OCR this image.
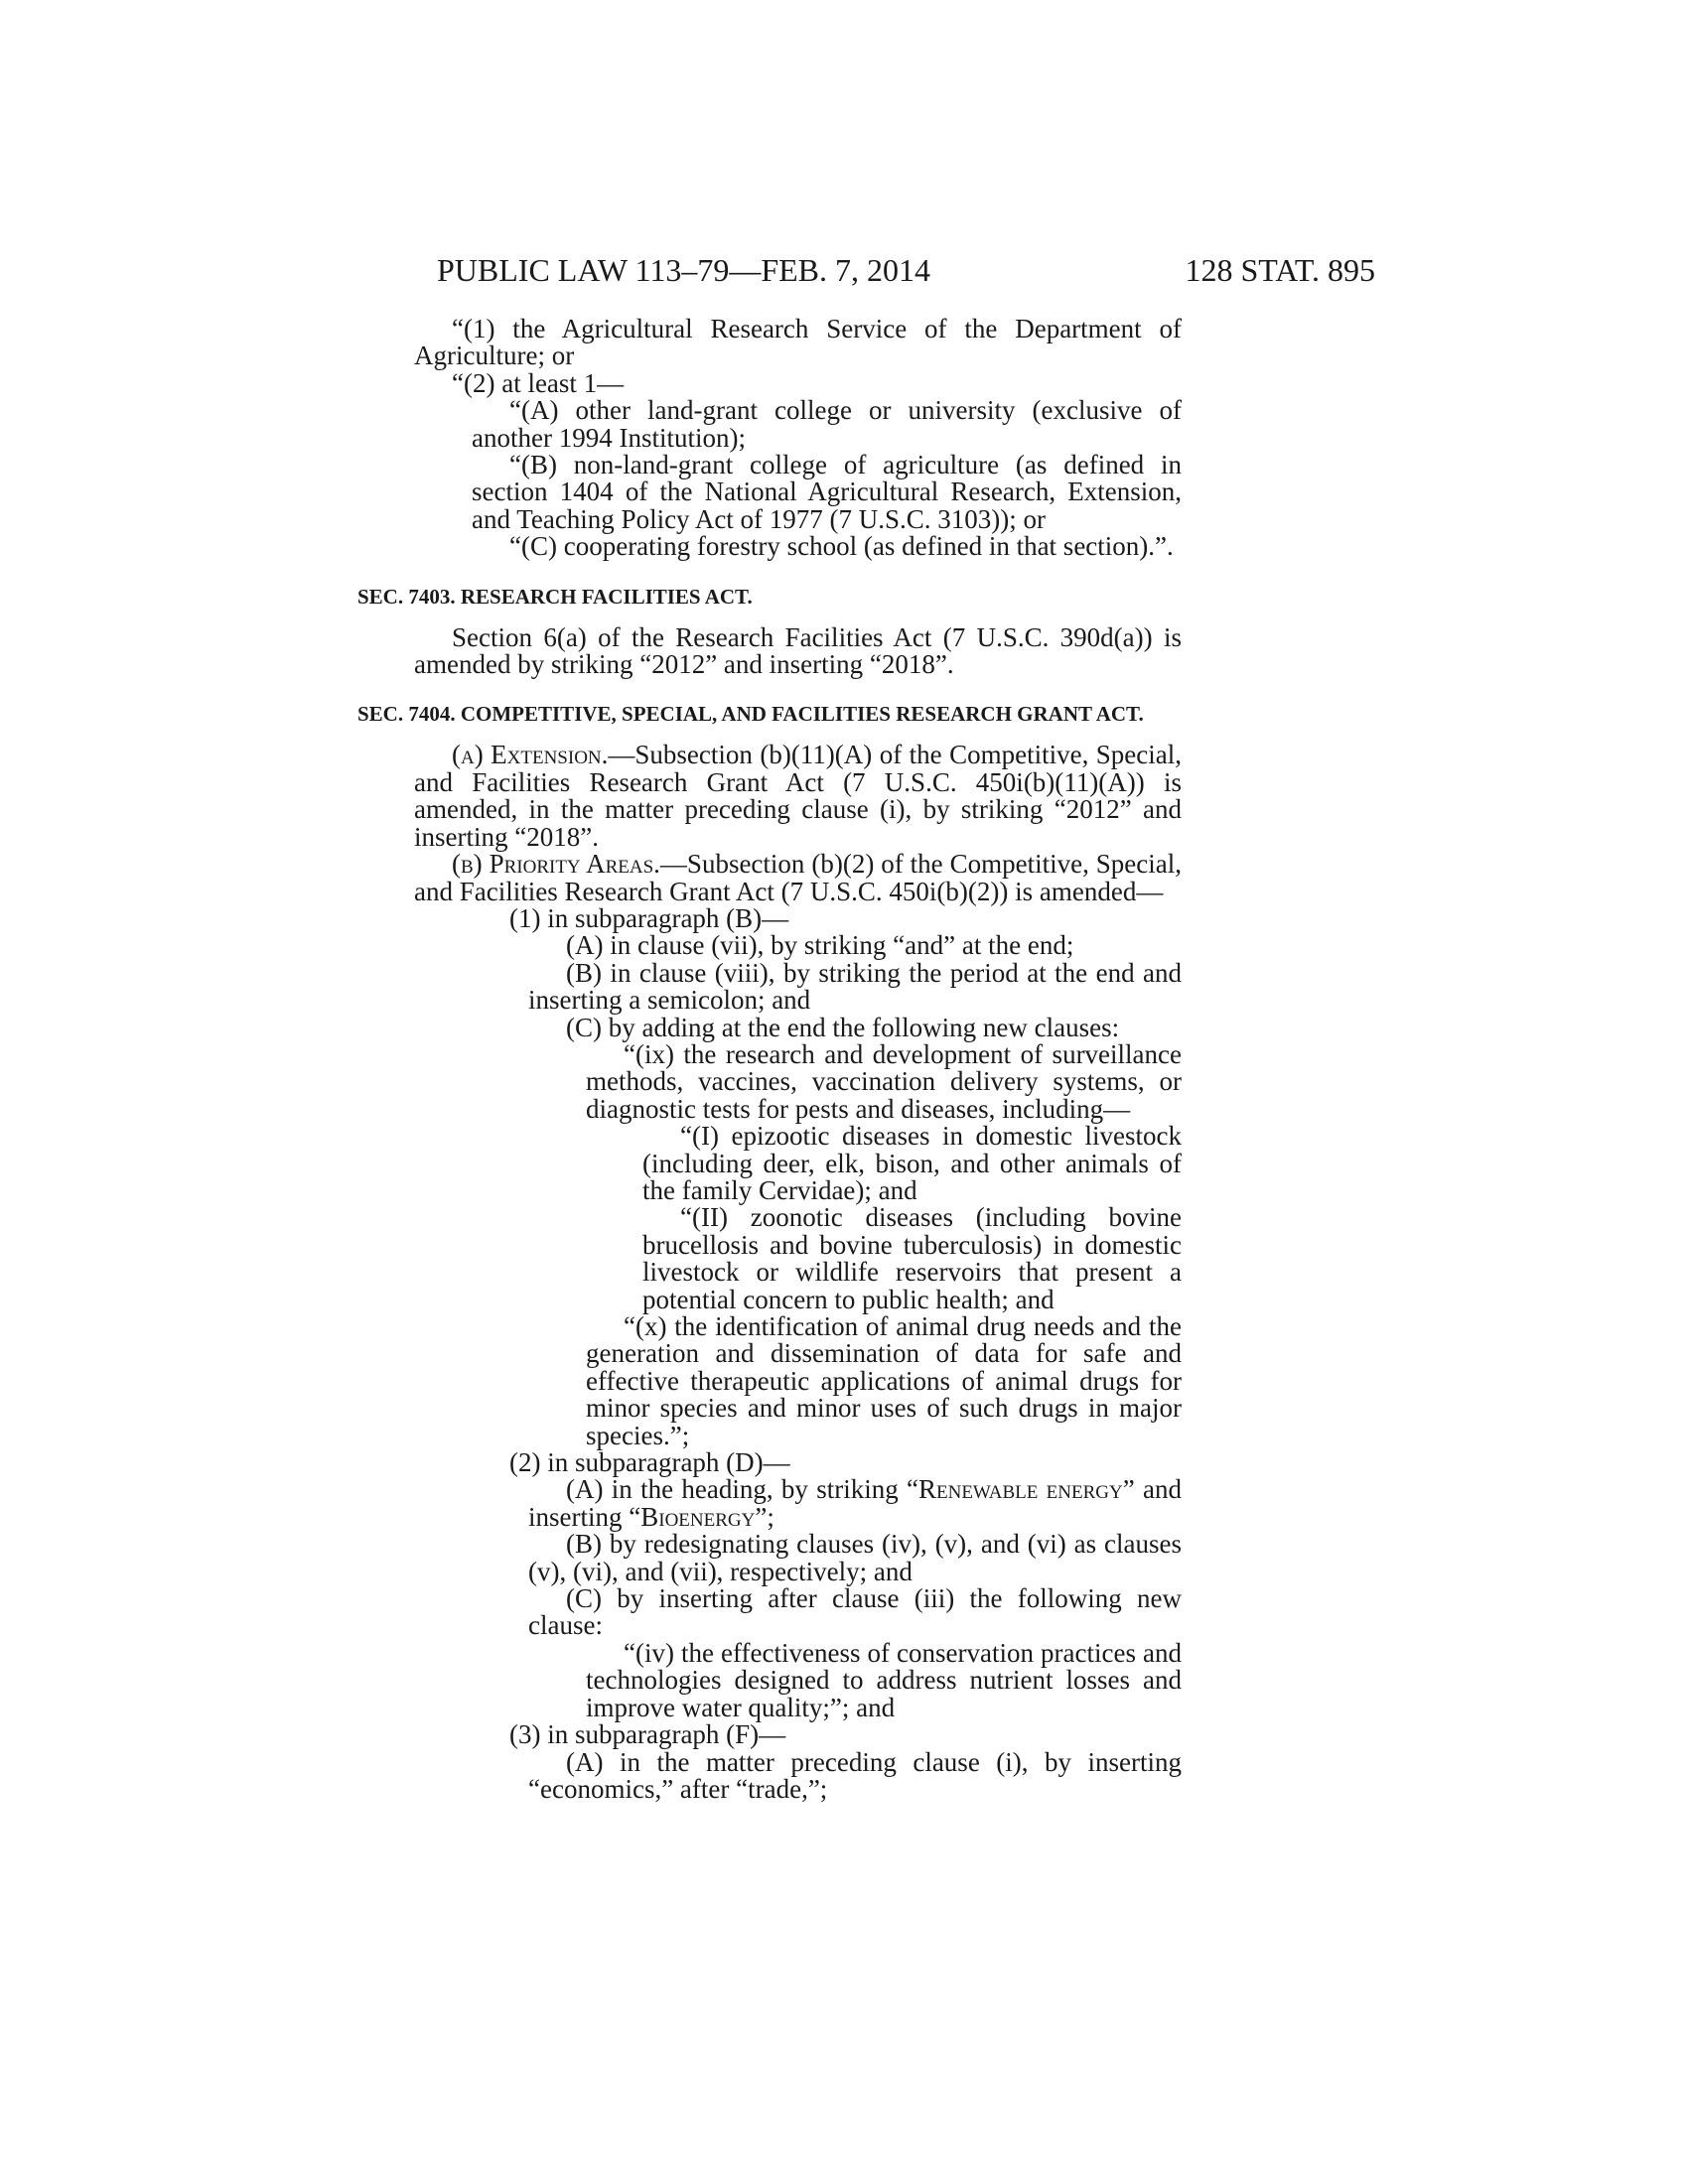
PUBLIC LAW 113–79—FEB. 7, 2014	128 STAT. 895

“(1) the Agricultural Research Service of the Department of Agriculture; or

“(2) at least 1—

“(A) other land-grant college or university (exclusive of another 1994 Institution);

“(B) non-land-grant college of agriculture (as defined in section 1404 of the National Agricultural Research, Extension, and Teaching Policy Act of 1977 (7 U.S.C. 3103)); or

“(C) cooperating forestry school (as defined in that section).”.

SEC. 7403. RESEARCH FACILITIES ACT.

Section 6(a) of the Research Facilities Act (7 U.S.C. 390d(a)) is amended by striking “2012” and inserting “2018”.

SEC. 7404. COMPETITIVE, SPECIAL, AND FACILITIES RESEARCH GRANT ACT.

(a) Extension.—Subsection (b)(11)(A) of the Competitive, Special, and Facilities Research Grant Act (7 U.S.C. 450i(b)(11)(A)) is amended, in the matter preceding clause (i), by striking “2012” and inserting “2018”.

(b) Priority Areas.—Subsection (b)(2) of the Competitive, Special, and Facilities Research Grant Act (7 U.S.C. 450i(b)(2)) is amended—

(1) in subparagraph (B)—

(A) in clause (vii), by striking “and” at the end;

(B) in clause (viii), by striking the period at the end and inserting a semicolon; and

(C) by adding at the end the following new clauses:

“(ix) the research and development of surveillance methods, vaccines, vaccination delivery systems, or diagnostic tests for pests and diseases, including—

“(I) epizootic diseases in domestic livestock (including deer, elk, bison, and other animals of the family Cervidae); and

“(II) zoonotic diseases (including bovine brucellosis and bovine tuberculosis) in domestic livestock or wildlife reservoirs that present a potential concern to public health; and

“(x) the identification of animal drug needs and the generation and dissemination of data for safe and effective therapeutic applications of animal drugs for minor species and minor uses of such drugs in major species.”;

(2) in subparagraph (D)—

(A) in the heading, by striking “Renewable energy” and inserting “Bioenergy”;

(B) by redesignating clauses (iv), (v), and (vi) as clauses (v), (vi), and (vii), respectively; and

(C) by inserting after clause (iii) the following new clause:

“(iv) the effectiveness of conservation practices and technologies designed to address nutrient losses and improve water quality;”; and

(3) in subparagraph (F)—

(A) in the matter preceding clause (i), by inserting “economics,” after “trade,”;
